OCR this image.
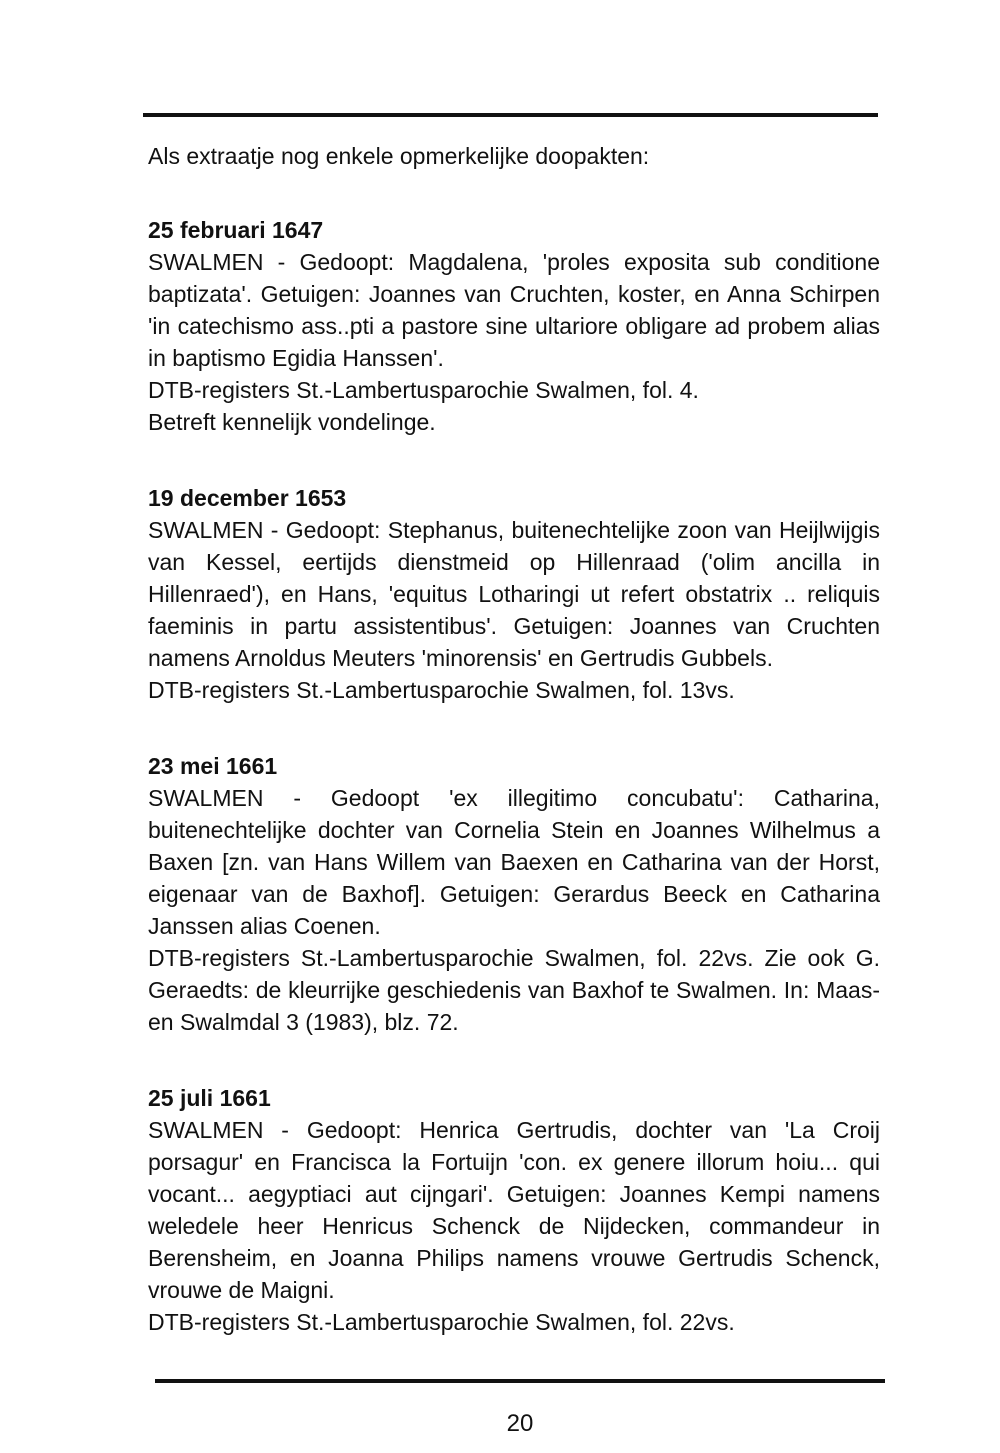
Als extraatje nog enkele opmerkelijke doopakten:

25 februari 1647

SWALMEN - Gedoopt: Magdalena, 'proles exposita sub conditione baptizata'. Getuigen: Joannes van Cruchten, koster, en Anna Schirpen 'in catechismo ass..pti a pastore sine ultariore obligare ad probem alias in baptismo Egidia Hanssen'.

DTB-registers St.-Lambertusparochie Swalmen, fol. 4.

Betreft kennelijk vondelinge.

19 december 1653

SWALMEN - Gedoopt: Stephanus, buitenechtelijke zoon van Heijlwijgis van Kessel, eertijds dienstmeid op Hillenraad ('olim ancilla in Hillenraed'), en Hans, 'equitus Lotharingi ut refert obstatrix .. reliquis faeminis in partu assistentibus'. Getuigen: Joannes van Cruchten namens Arnoldus Meuters 'minorensis' en Gertrudis Gubbels.

DTB-registers St.-Lambertusparochie Swalmen, fol. 13vs.

23 mei 1661

SWALMEN - Gedoopt 'ex illegitimo concubatu': Catharina, buitenechtelijke dochter van Cornelia Stein en Joannes Wilhelmus a Baxen [zn. van Hans Willem van Baexen en Catharina van der Horst, eigenaar van de Baxhof]. Getuigen: Gerardus Beeck en Catharina Janssen alias Coenen.

DTB-registers St.-Lambertusparochie Swalmen, fol. 22vs. Zie ook G. Geraedts: de kleurrijke geschiedenis van Baxhof te Swalmen. In: Maas- en Swalmdal 3 (1983), blz. 72.

25 juli 1661

SWALMEN - Gedoopt: Henrica Gertrudis, dochter van 'La Croij porsagur' en Francisca la Fortuijn 'con. ex genere illorum hoiu... qui vocant... aegyptiaci aut cijngari'. Getuigen: Joannes Kempi namens weledele heer Henricus Schenck de Nijdecken, commandeur in Berensheim, en Joanna Philips namens vrouwe Gertrudis Schenck, vrouwe de Maigni.

DTB-registers St.-Lambertusparochie Swalmen, fol. 22vs.

20
